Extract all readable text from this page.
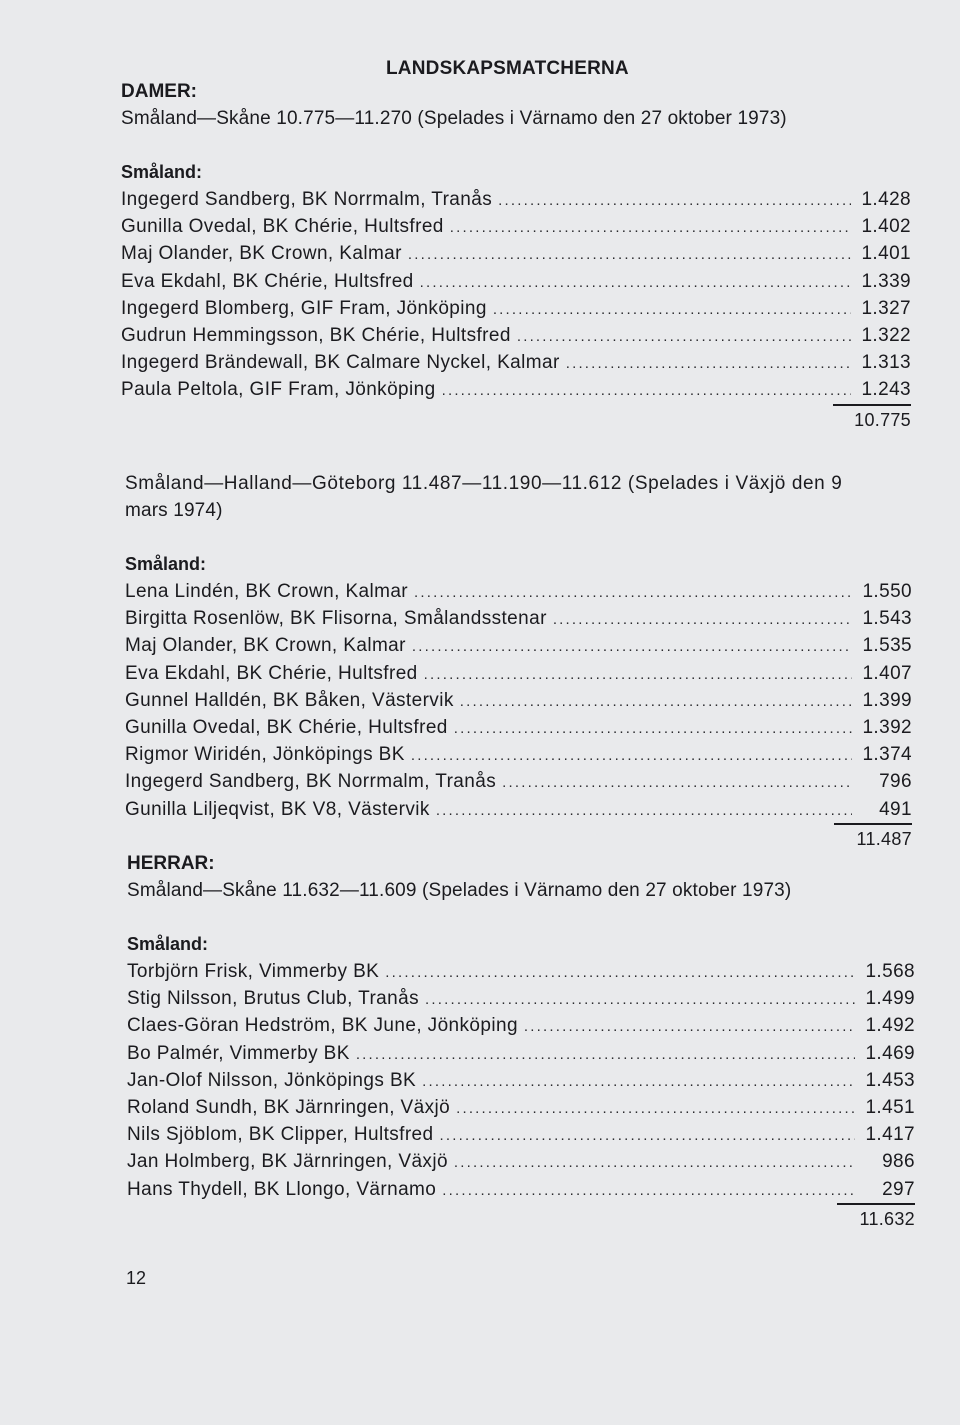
LANDSKAPSMATCHERNA
DAMER:
Småland—Skåne 10.775—11.270 (Spelades i Värnamo den 27 oktober 1973)
Småland:
Ingegerd Sandberg, BK Norrmalm, Tranås .....	1.428
Gunilla Ovedal, BK Chérie, Hultsfred .....	1.402
Maj Olander, BK Crown, Kalmar .....	1.401
Eva Ekdahl, BK Chérie, Hultsfred .....	1.339
Ingegerd Blomberg, GIF Fram, Jönköping .....	1.327
Gudrun Hemmingsson, BK Chérie, Hultsfred .....	1.322
Ingegerd Brändewall, BK Calmare Nyckel, Kalmar .....	1.313
Paula Peltola, GIF Fram, Jönköping .....	1.243
10.775
Småland—Halland—Göteborg 11.487—11.190—11.612 (Spelades i Växjö den 9
mars 1974)
Småland:
Lena Lindén, BK Crown, Kalmar .....	1.550
Birgitta Rosenlöw, BK Flisorna, Smålandsstenar .....	1.543
Maj Olander, BK Crown, Kalmar .....	1.535
Eva Ekdahl, BK Chérie, Hultsfred .....	1.407
Gunnel Halldén, BK Båken, Västervik .....	1.399
Gunilla Ovedal, BK Chérie, Hultsfred .....	1.392
Rigmor Wiridén, Jönköpings BK .....	1.374
Ingegerd Sandberg, BK Norrmalm, Tranås .....	796
Gunilla Liljeqvist, BK V8, Västervik .....	491
11.487
HERRAR:
Småland—Skåne 11.632—11.609 (Spelades i Värnamo den 27 oktober 1973)
Småland:
Torbjörn Frisk, Vimmerby BK .....	1.568
Stig Nilsson, Brutus Club, Tranås .....	1.499
Claes-Göran Hedström, BK June, Jönköping .....	1.492
Bo Palmér, Vimmerby BK .....	1.469
Jan-Olof Nilsson, Jönköpings BK .....	1.453
Roland Sundh, BK Järnringen, Växjö .....	1.451
Nils Sjöblom, BK Clipper, Hultsfred .....	1.417
Jan Holmberg, BK Järnringen, Växjö .....	986
Hans Thydell, BK Llongo, Värnamo .....	297
11.632
12
